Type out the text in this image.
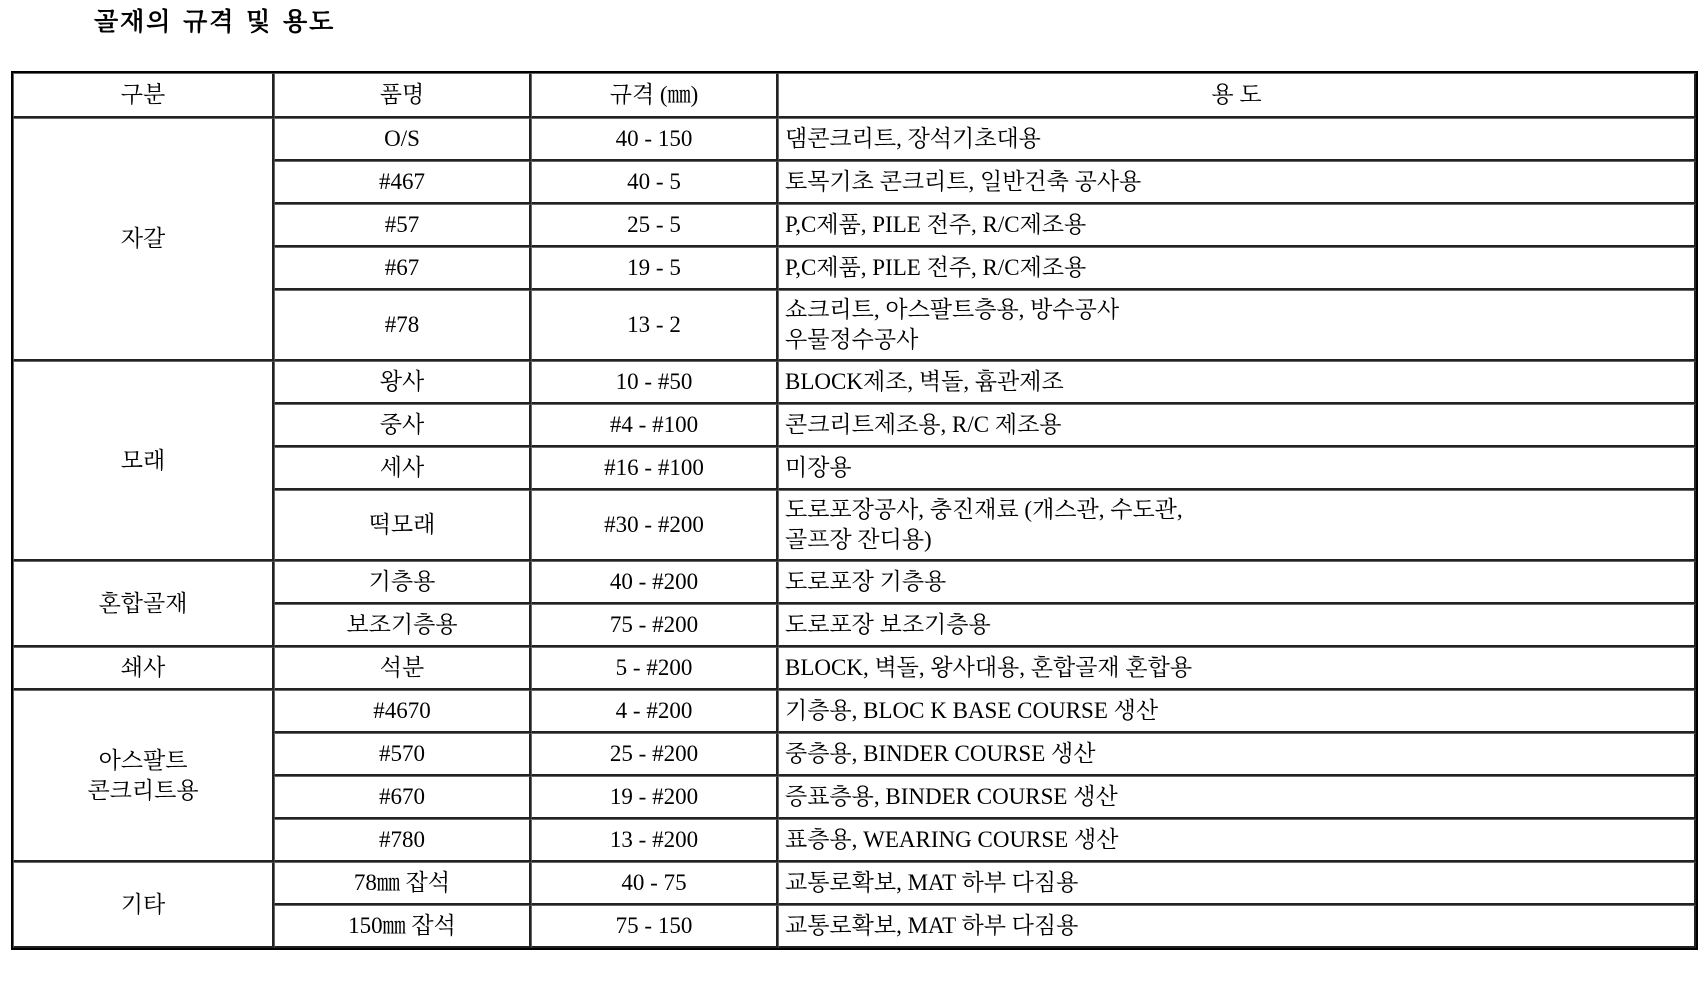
골재의 규격 및 용도
구분	품명	규격 (㎜)	용 도
자갈	O/S	40 - 150	댐콘크리트, 장석기초대용
	#467	40 - 5	토목기초 콘크리트, 일반건축 공사용
	#57	25 - 5	P,C제품, PILE 전주, R/C제조용
	#67	19 - 5	P,C제품, PILE 전주, R/C제조용
	#78	13 - 2	쇼크리트, 아스팔트층용, 방수공사
우물정수공사
모래	왕사	10 - #50	BLOCK제조, 벽돌, 흄관제조
	중사	#4 - #100	콘크리트제조용, R/C 제조용
	세사	#16 - #100	미장용
	떡모래	#30 - #200	도로포장공사, 충진재료 (개스관, 수도관,
골프장 잔디용)
혼합골재	기층용	40 - #200	도로포장 기층용
	보조기층용	75 - #200	도로포장 보조기층용
쇄사	석분	5 - #200	BLOCK, 벽돌, 왕사대용, 혼합골재 혼합용
아스팔트
콘크리트용	#4670	4 - #200	기층용, BLOC K BASE COURSE 생산
	#570	25 - #200	중층용, BINDER COURSE 생산
	#670	19 - #200	증표층용, BINDER COURSE 생산
	#780	13 - #200	표층용, WEARING COURSE 생산
기타	78㎜ 잡석	40 - 75	교통로확보, MAT 하부 다짐용
	150㎜ 잡석	75 - 150	교통로확보, MAT 하부 다짐용
